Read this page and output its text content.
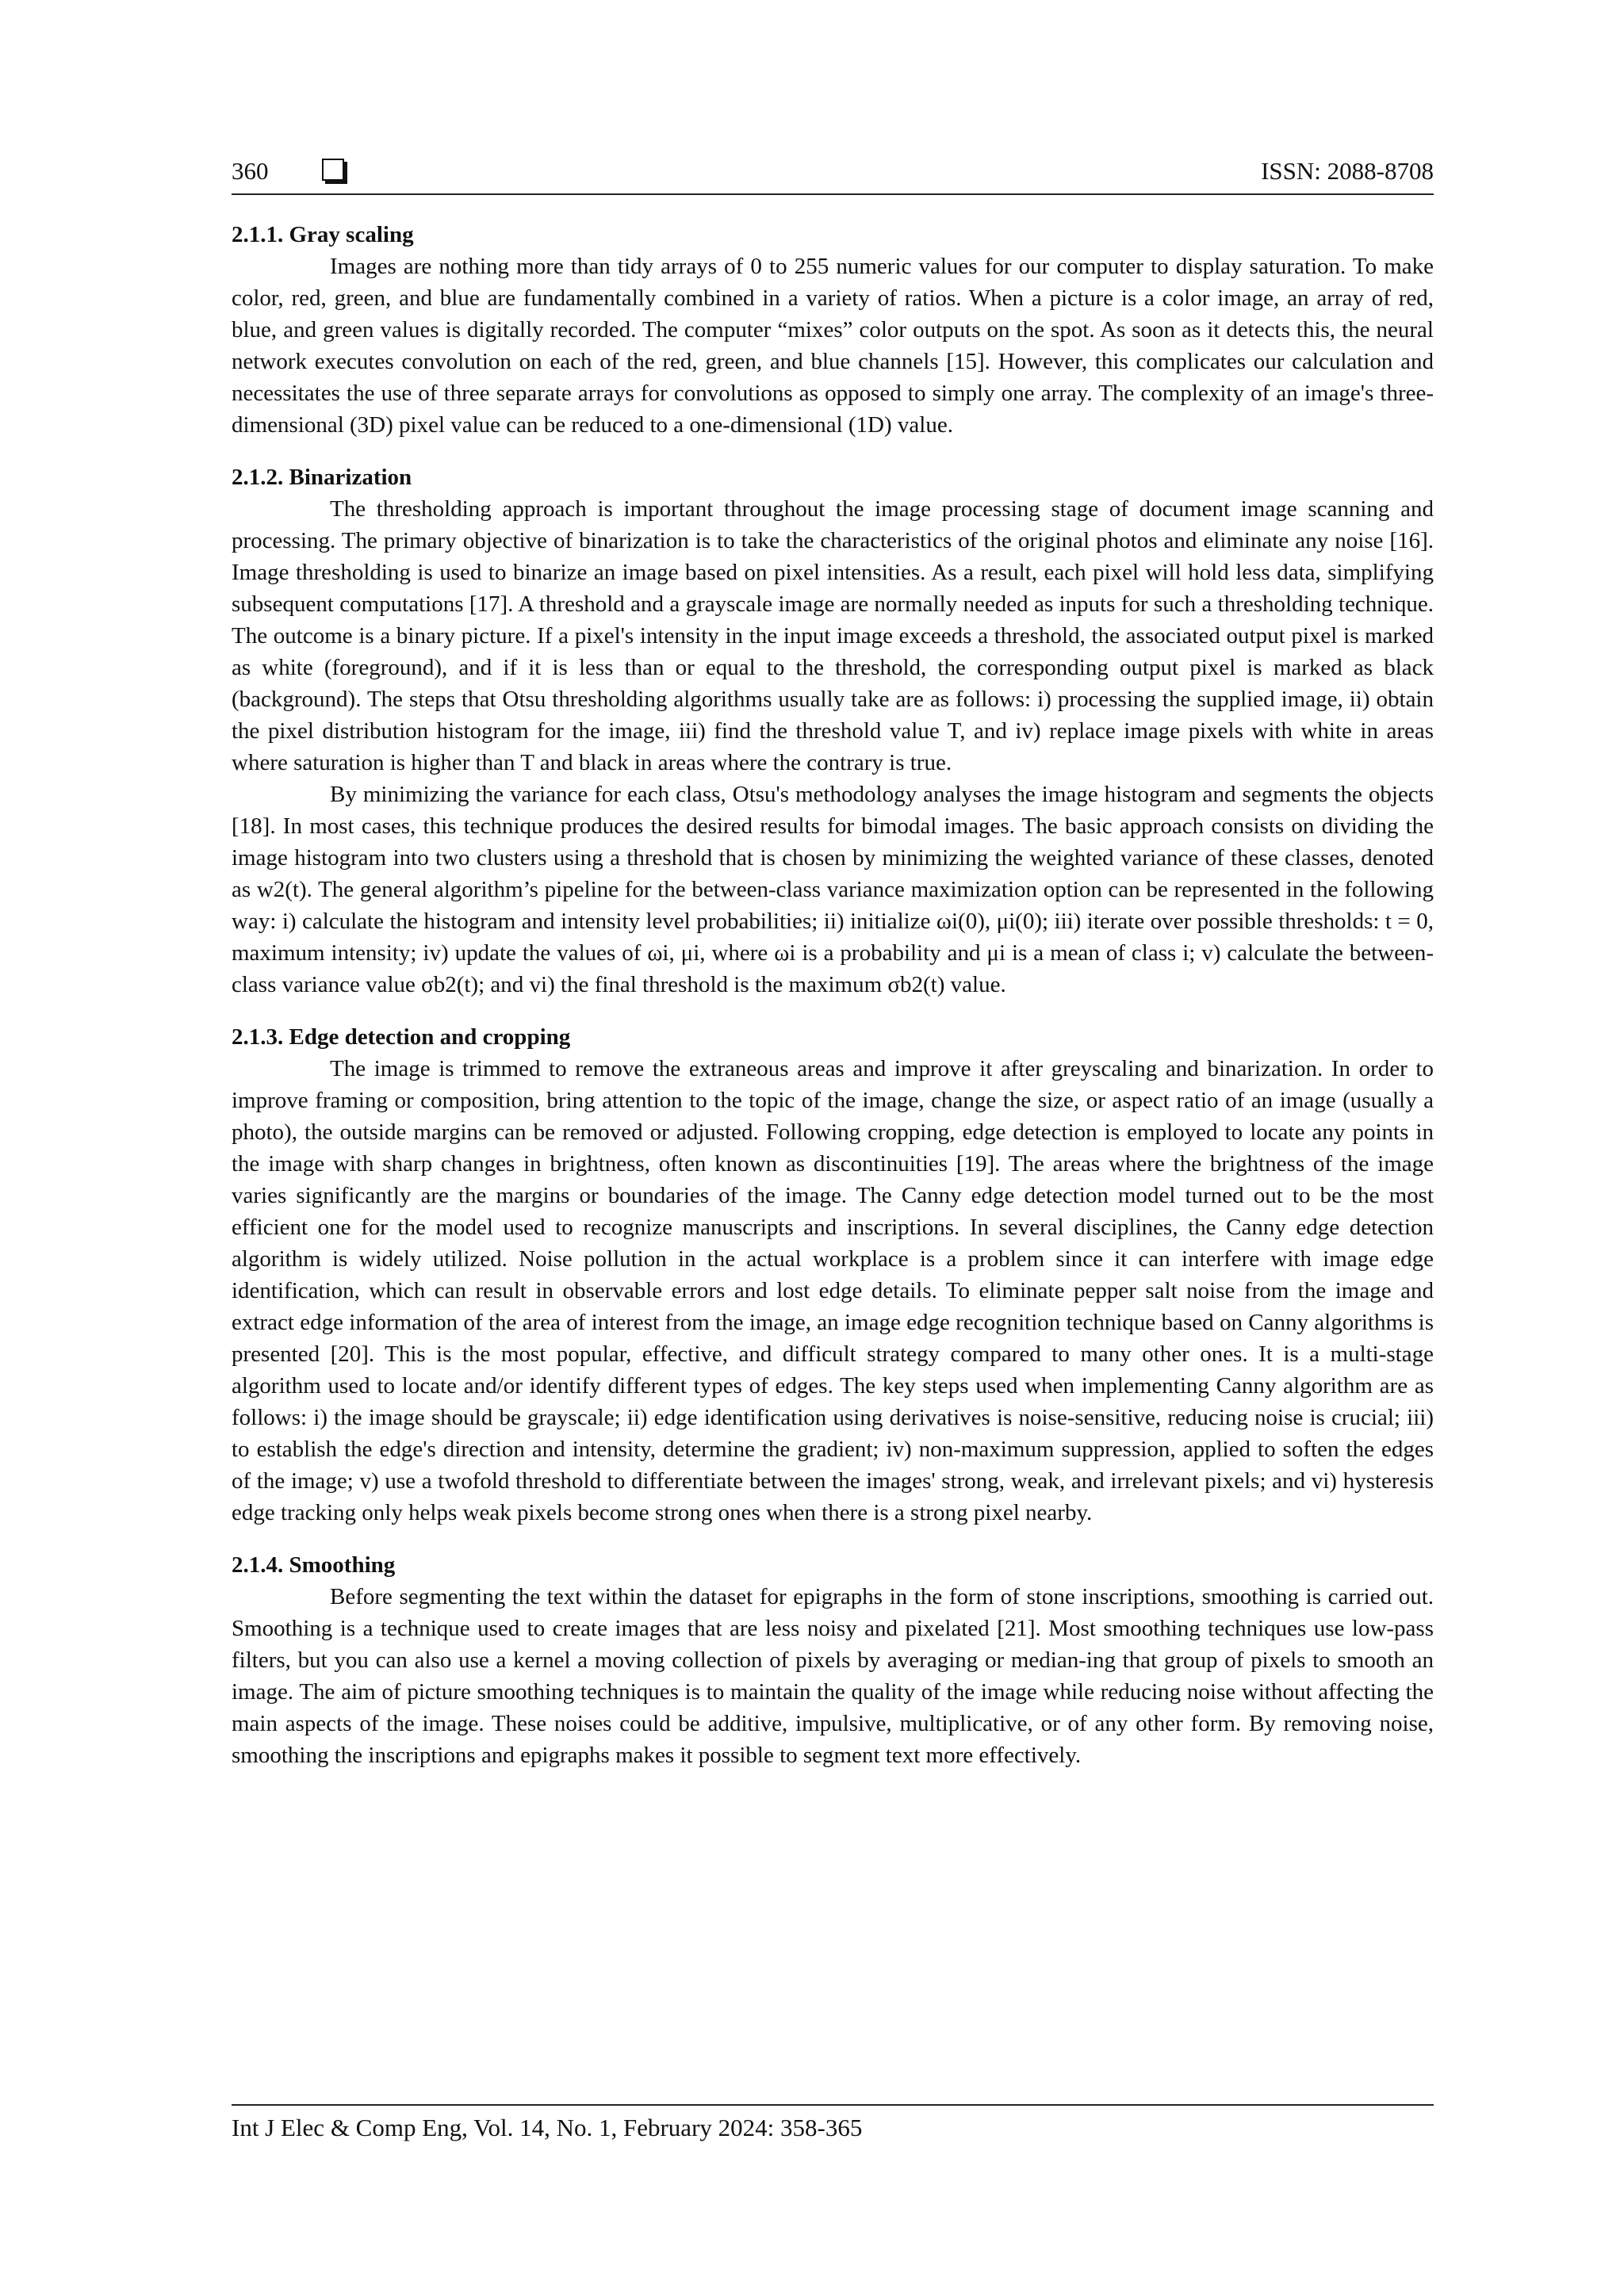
360	ISSN: 2088-8708
2.1.1. Gray scaling

Images are nothing more than tidy arrays of 0 to 255 numeric values for our computer to display saturation. To make color, red, green, and blue are fundamentally combined in a variety of ratios. When a picture is a color image, an array of red, blue, and green values is digitally recorded. The computer “mixes” color outputs on the spot. As soon as it detects this, the neural network executes convolution on each of the red, green, and blue channels [15]. However, this complicates our calculation and necessitates the use of three separate arrays for convolutions as opposed to simply one array. The complexity of an image's three-dimensional (3D) pixel value can be reduced to a one-dimensional (1D) value.

2.1.2. Binarization

The thresholding approach is important throughout the image processing stage of document image scanning and processing. The primary objective of binarization is to take the characteristics of the original photos and eliminate any noise [16]. Image thresholding is used to binarize an image based on pixel intensities. As a result, each pixel will hold less data, simplifying subsequent computations [17]. A threshold and a grayscale image are normally needed as inputs for such a thresholding technique. The outcome is a binary picture. If a pixel's intensity in the input image exceeds a threshold, the associated output pixel is marked as white (foreground), and if it is less than or equal to the threshold, the corresponding output pixel is marked as black (background). The steps that Otsu thresholding algorithms usually take are as follows: i) processing the supplied image, ii) obtain the pixel distribution histogram for the image, iii) find the threshold value T, and iv) replace image pixels with white in areas where saturation is higher than T and black in areas where the contrary is true.

By minimizing the variance for each class, Otsu's methodology analyses the image histogram and segments the objects [18]. In most cases, this technique produces the desired results for bimodal images. The basic approach consists on dividing the image histogram into two clusters using a threshold that is chosen by minimizing the weighted variance of these classes, denoted as w2(t). The general algorithm’s pipeline for the between-class variance maximization option can be represented in the following way: i) calculate the histogram and intensity level probabilities; ii) initialize ωi(0), μi(0); iii) iterate over possible thresholds: t = 0, maximum intensity; iv) update the values of ωi, μi, where ωi is a probability and μi is a mean of class i; v) calculate the between-class variance value σb2(t); and vi) the final threshold is the maximum σb2(t) value.

2.1.3. Edge detection and cropping

The image is trimmed to remove the extraneous areas and improve it after greyscaling and binarization. In order to improve framing or composition, bring attention to the topic of the image, change the size, or aspect ratio of an image (usually a photo), the outside margins can be removed or adjusted. Following cropping, edge detection is employed to locate any points in the image with sharp changes in brightness, often known as discontinuities [19]. The areas where the brightness of the image varies significantly are the margins or boundaries of the image. The Canny edge detection model turned out to be the most efficient one for the model used to recognize manuscripts and inscriptions. In several disciplines, the Canny edge detection algorithm is widely utilized. Noise pollution in the actual workplace is a problem since it can interfere with image edge identification, which can result in observable errors and lost edge details. To eliminate pepper salt noise from the image and extract edge information of the area of interest from the image, an image edge recognition technique based on Canny algorithms is presented [20]. This is the most popular, effective, and difficult strategy compared to many other ones. It is a multi-stage algorithm used to locate and/or identify different types of edges. The key steps used when implementing Canny algorithm are as follows: i) the image should be grayscale; ii) edge identification using derivatives is noise-sensitive, reducing noise is crucial; iii) to establish the edge's direction and intensity, determine the gradient; iv) non-maximum suppression, applied to soften the edges of the image; v) use a twofold threshold to differentiate between the images' strong, weak, and irrelevant pixels; and vi) hysteresis edge tracking only helps weak pixels become strong ones when there is a strong pixel nearby.

2.1.4. Smoothing

Before segmenting the text within the dataset for epigraphs in the form of stone inscriptions, smoothing is carried out. Smoothing is a technique used to create images that are less noisy and pixelated [21]. Most smoothing techniques use low-pass filters, but you can also use a kernel a moving collection of pixels by averaging or median-ing that group of pixels to smooth an image. The aim of picture smoothing techniques is to maintain the quality of the image while reducing noise without affecting the main aspects of the image. These noises could be additive, impulsive, multiplicative, or of any other form. By removing noise, smoothing the inscriptions and epigraphs makes it possible to segment text more effectively.

Int J Elec & Comp Eng, Vol. 14, No. 1, February 2024: 358-365
